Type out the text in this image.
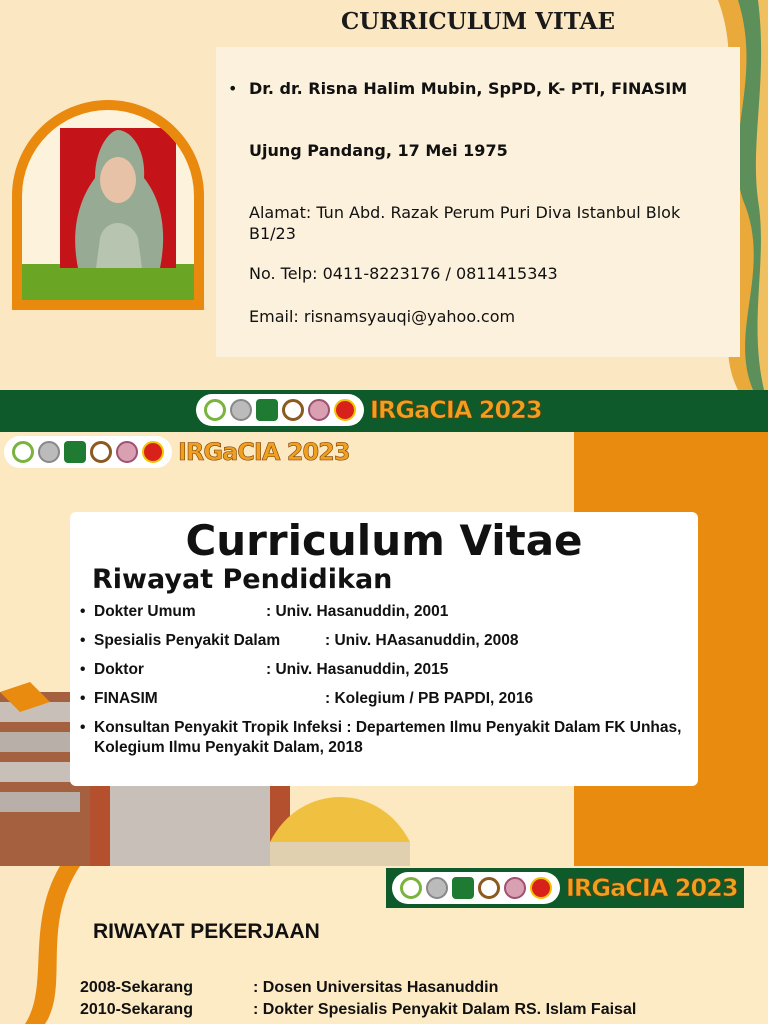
CURRICULUM VITAE
• Dr. dr. Risna Halim Mubin, SpPD, K- PTI, FINASIM
Ujung Pandang, 17 Mei 1975
Alamat: Tun Abd. Razak Perum Puri Diva Istanbul Blok B1/23
No. Telp: 0411-8223176 / 0811415343
Email: risnamsyauqi@yahoo.com
IRGaCIA 2023
IRGaCIA 2023
Curriculum Vitae
Riwayat Pendidikan
• Dokter Umum	: Univ. Hasanuddin, 2001
• Spesialis Penyakit Dalam	: Univ. HAasanuddin, 2008
• Doktor	: Univ. Hasanuddin, 2015
• FINASIM	: Kolegium / PB PAPDI, 2016
• Konsultan Penyakit Tropik Infeksi : Departemen Ilmu Penyakit Dalam FK Unhas, Kolegium Ilmu Penyakit Dalam, 2018
IRGaCIA 2023
RIWAYAT PEKERJAAN
2008-Sekarang	: Dosen Universitas Hasanuddin
2010-Sekarang	: Dokter Spesialis Penyakit Dalam RS. Islam Faisal
